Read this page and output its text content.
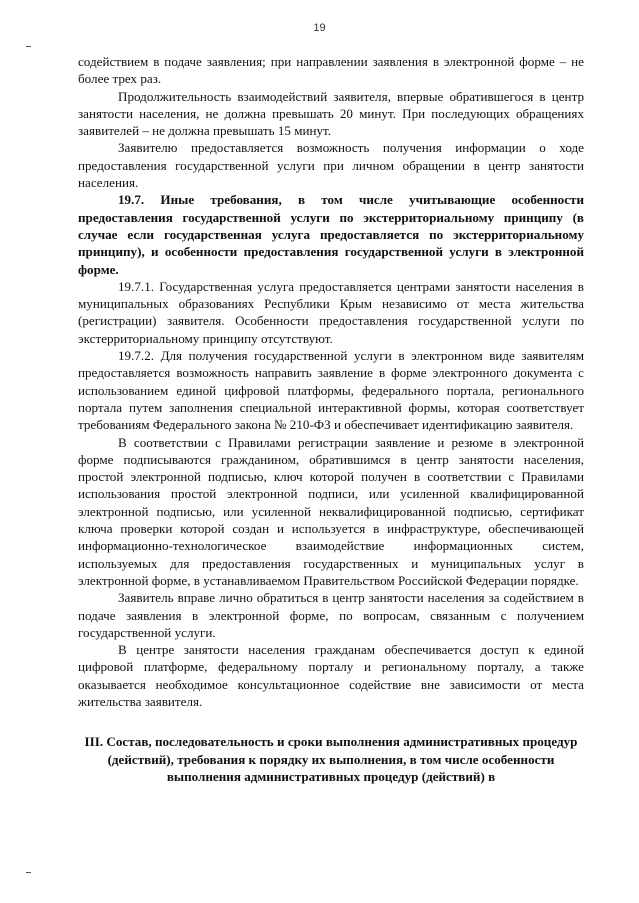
19

содействием в подаче заявления; при направлении заявления в электронной форме – не более трех раз.

Продолжительность взаимодействий заявителя, впервые обратившегося в центр занятости населения, не должна превышать 20 минут. При последующих обращениях заявителей – не должна превышать 15 минут.

Заявителю предоставляется возможность получения информации о ходе предоставления государственной услуги при личном обращении в центр занятости населения.

19.7. Иные требования, в том числе учитывающие особенности предоставления государственной услуги по экстерриториальному принципу (в случае если государственная услуга предоставляется по экстерриториальному принципу), и особенности предоставления государственной услуги в электронной форме.

19.7.1. Государственная услуга предоставляется центрами занятости населения в муниципальных образованиях Республики Крым независимо от места жительства (регистрации) заявителя. Особенности предоставления государственной услуги по экстерриториальному принципу отсутствуют.

19.7.2. Для получения государственной услуги в электронном виде заявителям предоставляется возможность направить заявление в форме электронного документа с использованием единой цифровой платформы, федерального портала, регионального портала путем заполнения специальной интерактивной формы, которая соответствует требованиям Федерального закона № 210-ФЗ и обеспечивает идентификацию заявителя.

В соответствии с Правилами регистрации заявление и резюме в электронной форме подписываются гражданином, обратившимся в центр занятости населения, простой электронной подписью, ключ которой получен в соответствии с Правилами использования простой электронной подписи, или усиленной квалифицированной электронной подписью, или усиленной неквалифицированной подписью, сертификат ключа проверки которой создан и используется в инфраструктуре, обеспечивающей информационно-технологическое взаимодействие информационных систем, используемых для предоставления государственных и муниципальных услуг в электронной форме, в устанавливаемом Правительством Российской Федерации порядке.

Заявитель вправе лично обратиться в центр занятости населения за содействием в подаче заявления в электронной форме, по вопросам, связанным с получением государственной услуги.

В центре занятости населения гражданам обеспечивается доступ к единой цифровой платформе, федеральному порталу и региональному порталу, а также оказывается необходимое консультационное содействие вне зависимости от места жительства заявителя.

III. Состав, последовательность и сроки выполнения административных процедур (действий), требования к порядку их выполнения, в том числе особенности выполнения административных процедур (действий) в
